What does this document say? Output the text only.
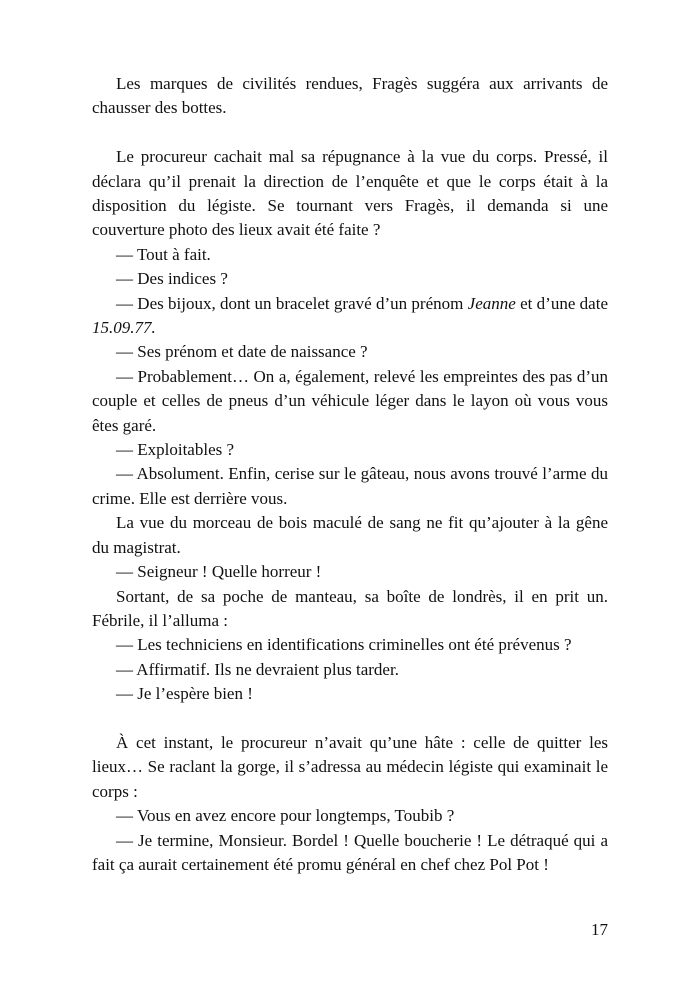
Les marques de civilités rendues, Fragès suggéra aux arrivants de chausser des bottes.

Le procureur cachait mal sa répugnance à la vue du corps. Pressé, il déclara qu’il prenait la direction de l’enquête et que le corps était à la disposition du légiste. Se tournant vers Fragès, il demanda si une couverture photo des lieux avait été faite ?

— Tout à fait.

— Des indices ?

— Des bijoux, dont un bracelet gravé d’un prénom Jeanne et d’une date 15.09.77.

— Ses prénom et date de naissance ?

— Probablement… On a, également, relevé les empreintes des pas d’un couple et celles de pneus d’un véhicule léger dans le layon où vous vous êtes garé.

— Exploitables ?

— Absolument. Enfin, cerise sur le gâteau, nous avons trouvé l’arme du crime. Elle est derrière vous.

La vue du morceau de bois maculé de sang ne fit qu’ajouter à la gêne du magistrat.

— Seigneur ! Quelle horreur !

Sortant, de sa poche de manteau, sa boîte de londrès, il en prit un. Fébrile, il l’alluma :

— Les techniciens en identifications criminelles ont été prévenus ?

— Affirmatif. Ils ne devraient plus tarder.

— Je l’espère bien !

À cet instant, le procureur n’avait qu’une hâte : celle de quitter les lieux… Se raclant la gorge, il s’adressa au médecin légiste qui examinait le corps :

— Vous en avez encore pour longtemps, Toubib ?

— Je termine, Monsieur. Bordel ! Quelle boucherie ! Le détraqué qui a fait ça aurait certainement été promu général en chef chez Pol Pot !

17
